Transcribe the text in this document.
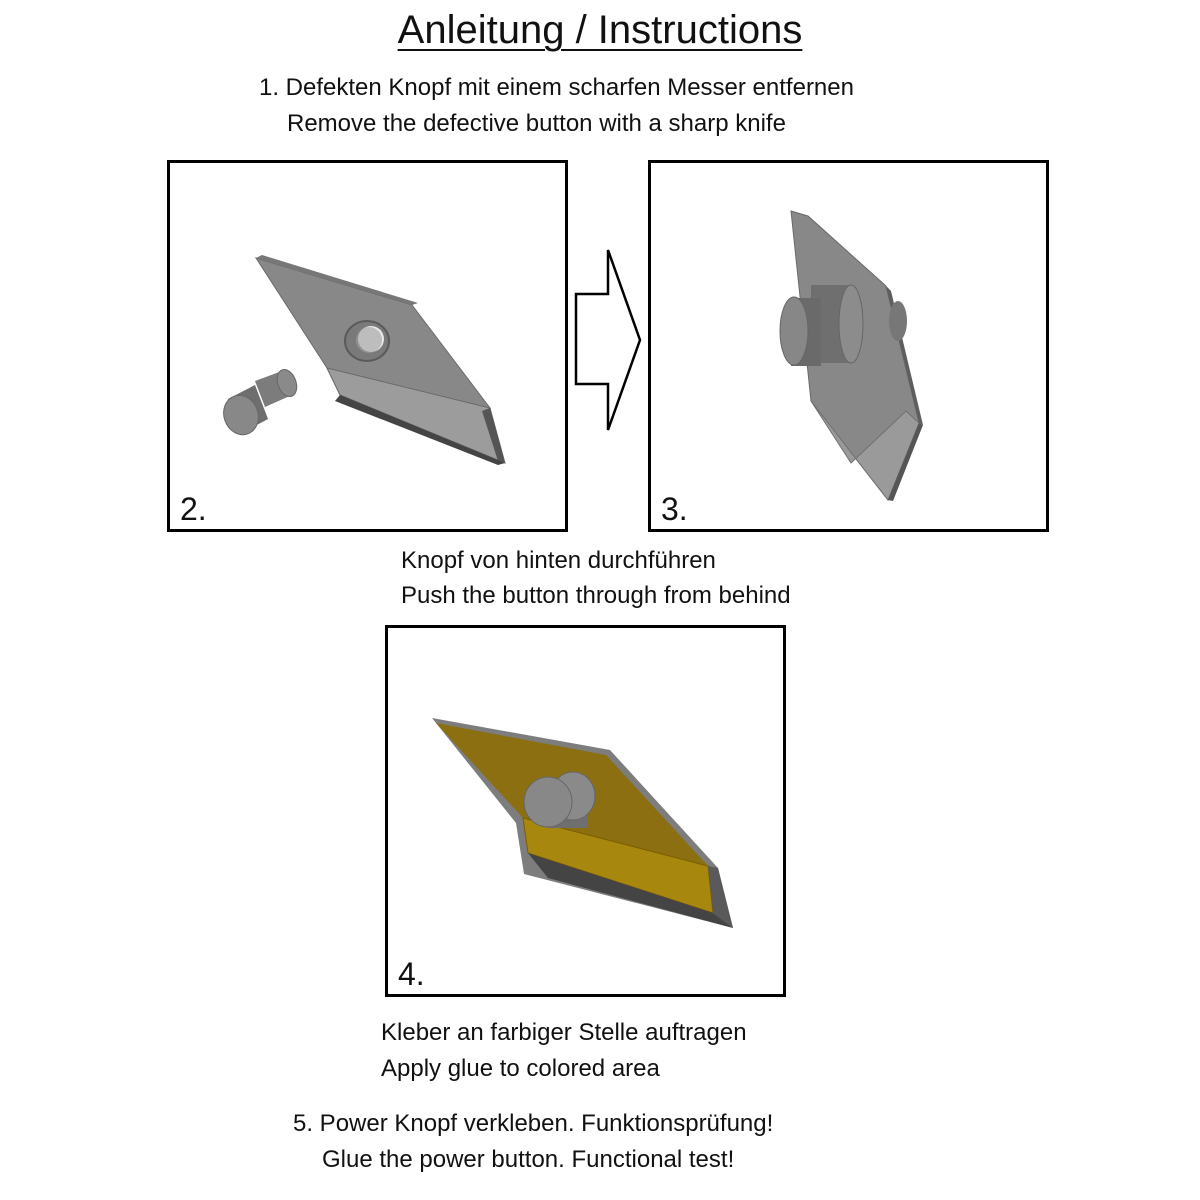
Anleitung / Instructions
1. Defekten Knopf mit einem scharfen Messer entfernen
Remove the defective button with a sharp knife
2.	3.
Knopf von hinten durchführen
Push the button through from behind
4.
Kleber an farbiger Stelle auftragen
Apply glue to colored area
5. Power Knopf verkleben. Funktionsprüfung!
Glue the power button. Functional test!
